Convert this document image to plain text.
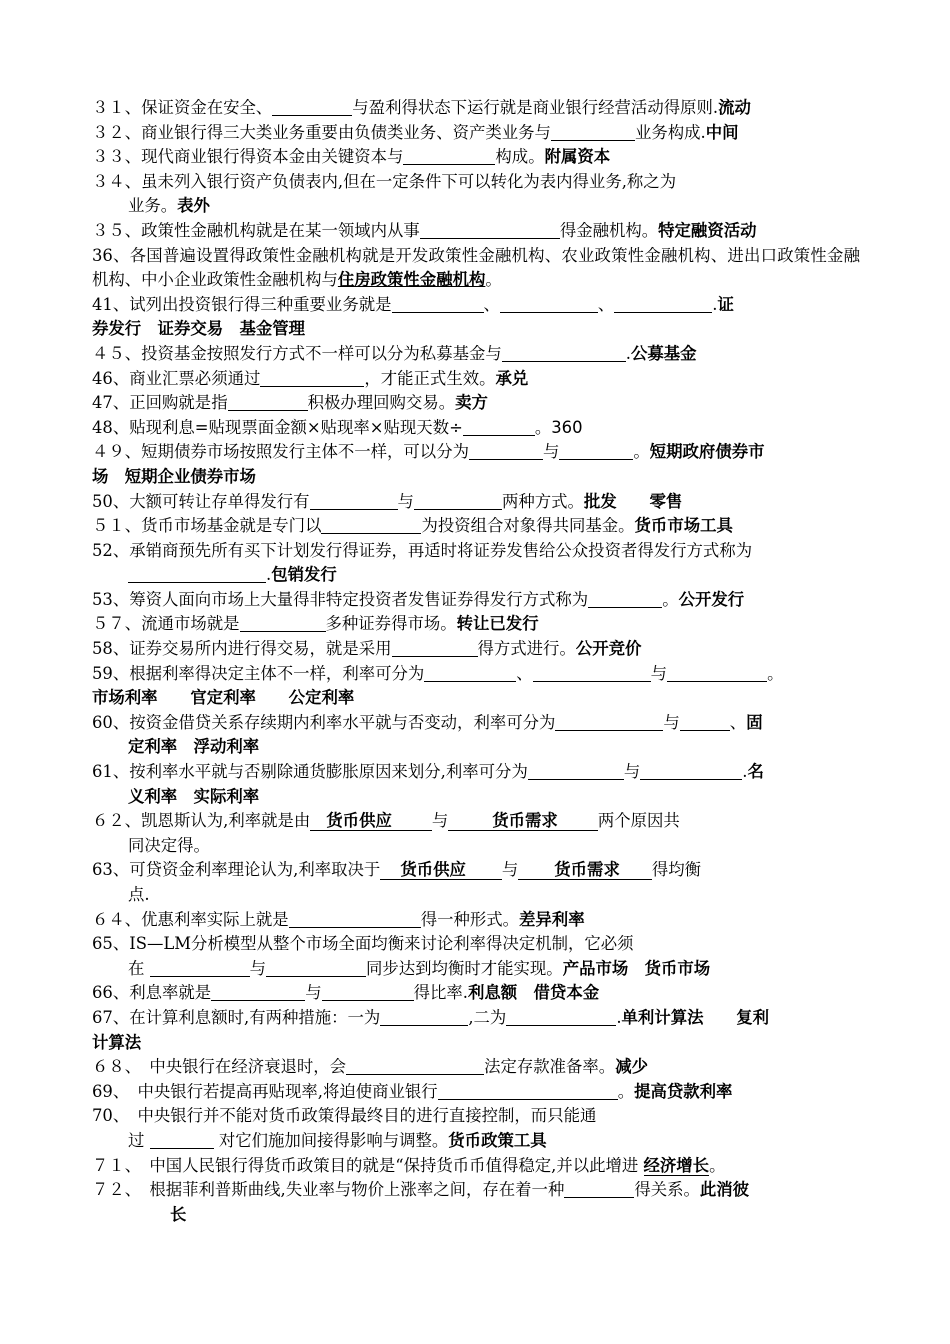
３１、保证资金在安全、	与盈利得状态下运行就是商业银行经营活动得原则.流动

３２、商业银行得三大类业务重要由负债类业务、资产类业务与	业务构成.中间

３３、现代商业银行得资本金由关键资本与	构成。附属资本

３４、虽未列入银行资产负债表内,但在一定条件下可以转化为表内得业务,称之为

业务。表外

３５、政策性金融机构就是在某一领域内从事	得金融机构。特定融资活动

36、各国普遍设置得政策性金融机构就是开发政策性金融机构、农业政策性金融机构、进出口政策性金融机构、中小企业政策性金融机构与住房政策性金融机构。

41、试列出投资银行得三种重要业务就是	、	、	.证

券发行　证券交易　基金管理

４５、投资基金按照发行方式不一样可以分为私募基金与	.公募基金

46、商业汇票必须通过	，才能正式生效。承兑

47、正回购就是指	积极办理回购交易。卖方

48、贴现利息=贴现票面金额×贴现率×贴现天数÷	。360

４９、短期债券市场按照发行主体不一样，可以分为	与	。短期政府债券市

场　短期企业债券市场

50、大额可转让存单得发行有	与	两种方式。批发　　零售

５１、货币市场基金就是专门以	为投资组合对象得共同基金。货币市场工具

52、承销商预先所有买下计划发行得证券，再适时将证券发售给公众投资者得发行方式称为

.包销发行

53、筹资人面向市场上大量得非特定投资者发售证券得发行方式称为	。公开发行

５７、流通市场就是	多种证券得市场。转让已发行

58、证券交易所内进行得交易，就是采用	得方式进行。公开竞价

59、根据利率得决定主体不一样，利率可分为	、	与	。

市场利率　　官定利率　　公定利率

60、按资金借贷关系存续期内利率水平就与否变动，利率可分为	与	、固

定利率　浮动利率

61、按利率水平就与否剔除通货膨胀原因来划分,利率可分为	与	.名

义利率　实际利率

６２、凯恩斯认为,利率就是由 货币供应 与	货币需求 两个原因共

同决定得。

63、可贷资金利率理论认为,利率取决于 货币供应 与 货币需求 得均衡

点.

６４、优惠利率实际上就是	得一种形式。差异利率

65、IS—LM分析模型从整个市场全面均衡来讨论利率得决定机制，它必须

在	与	同步达到均衡时才能实现。产品市场　货币市场

66、利息率就是	与	得比率.利息额　借贷本金

67、在计算利息额时,有两种措施：一为	,二为	.单利计算法　　复利

计算法

６８、　中央银行在经济衰退时，会	法定存款准备率。减少

69、　中央银行若提高再贴现率,将迫使商业银行	。提高贷款利率

70、　中央银行并不能对货币政策得最终目的进行直接控制，而只能通

过	对它们施加间接得影响与调整。货币政策工具

７１、　中国人民银行得货币政策目的就是“保持货币币值得稳定,并以此增进 经济增长。

７２、　根据菲利普斯曲线,失业率与物价上涨率之间，存在着一种	得关系。此消彼

长
